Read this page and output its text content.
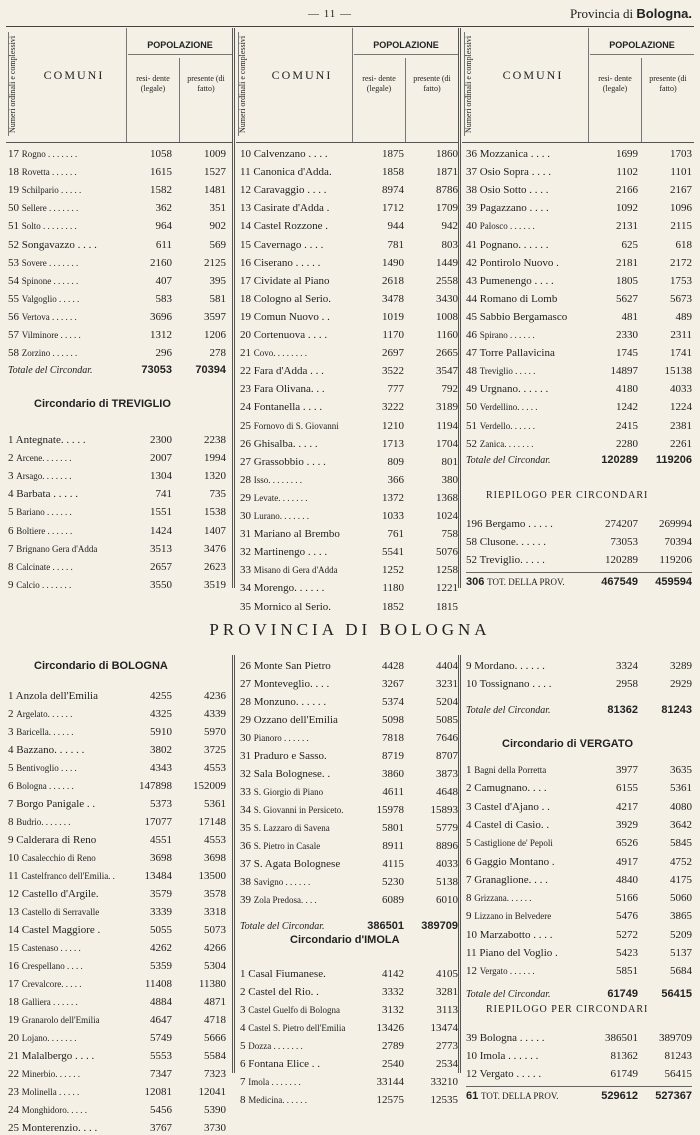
— 11 —	Provincia di Bologna.
Numeri ordinali e complessivi	COMUNI
POPOLAZIONE
resi- dente (legale)
presente (di fatto)	Numeri ordinali e complessivi	COMUNI
POPOLAZIONE
resi- dente (legale)
presente (di fatto)	Numeri ordinali e complessivi	COMUNI
POPOLAZIONE
resi- dente (legale)
presente (di fatto)
17 Rogno . . . . . . .	1058	1009
18 Rovetta . . . . . .	1615	1527
19 Schilpario . . . . .	1582	1481
50 Sellere . . . . . . .	362	351
51 Solto . . . . . . . .	964	902
52 Songavazzo . . . .	611	569
53 Sovere . . . . . . .	2160	2125
54 Spinone . . . . . .	407	395
55 Valgoglio . . . . .	583	581
56 Vertova . . . . . .	3696	3597
57 Vilminore . . . . .	1312	1206
58 Zorzino . . . . . .	296	278
Totale del Circondar.	73053 70394
Circondario di TREVIGLIO
1 Antegnate. . . . .	2300	2238
2 Arcene. . . . . . .	2007	1994
3 Arsago. . . . . . .	1304	1320
4 Barbata . . . . .	741	735
5 Bariano . . . . . .	1551	1538
6 Boltiere . . . . . .	1424	1407
7 Brignano Gera d'Adda	3513	3476
8 Calcinate . . . . .	2657	2623
9 Calcio . . . . . . .	3550	3519
10 Calvenzano . . . .	1875	1860
11 Canonica d'Adda.	1858	1871
12 Caravaggio . . . .	8974	8786
13 Casirate d'Adda .	1712	1709
14 Castel Rozzone .	944	942
15 Cavernago . . . .	781	803
16 Ciserano . . . . .	1490	1449
17 Cividate al Piano	2618	2558
18 Cologno al Serio.	3478	3430
19 Comun Nuovo . .	1019	1008
20 Cortenuova . . . .	1170	1160
21 Covo. . . . . . . .	2697	2665
22 Fara d'Adda . . .	3522	3547
23 Fara Olivana. . .	777	792
24 Fontanella . . . .	3222	3189
25 Fornovo di S. Giovanni	1210	1194
26 Ghisalba. . . . .	1713	1704
27 Grassobbio . . . .	809	801
28 Isso. . . . . . . .	366	380
29 Levate. . . . . . .	1372	1368
30 Lurano. . . . . . .	1033	1024
31 Mariano al Brembo	761	758
32 Martinengo . . . .	5541	5076
33 Misano di Gera d'Adda	1252	1258
34 Morengo. . . . . .	1180	1221
35 Mornico al Serio.	1852	1815
36 Mozzanica . . . .	1699	1703
37 Osio Sopra . . . .	1102	1101
38 Osio Sotto . . . .	2166	2167
39 Pagazzano . . . .	1092	1096
40 Palosco . . . . . .	2131	2115
41 Pognano. . . . . .	625	618
42 Pontirolo Nuovo .	2181	2172
43 Pumenengo . . . .	1805	1753
44 Romano di Lomb	5627	5673
45 Sabbio Bergamasco	481	489
46 Spirano . . . . . .	2330	2311
47 Torre Pallavicina	1745	1741
48 Treviglio . . . . .	14897	15138
49 Urgnano. . . . . .	4180	4033
50 Verdellino. . . . .	1242	1224
51 Verdello. . . . . .	2415	2381
52 Zanica. . . . . . .	2280	2261
Totale del Circondar.	120289 119206
RIEPILOGO PER CIRCONDARI
196 Bergamo . . . . .	274207	269994
58 Clusone. . . . . .	73053	70394
52 Treviglio. . . . .	120289	119206
306 TOT. DELLA PROV.	467549 459594
Circondario di BOLOGNA
1 Anzola dell'Emilia	4255	4236
2 Argelato. . . . . .	4325	4339
3 Baricella. . . . . .	5910	5970
4 Bazzano. . . . . .	3802	3725
5 Bentivoglio . . . .	4343	4553
6 Bologna . . . . . .	147898	152009
7 Borgo Panigale . .	5373	5361
8 Budrio. . . . . . .	17077	17148
9 Calderara di Reno	4551	4553
10 Casalecchio di Reno	3698	3698
11 Castelfranco dell'Emilia. .	13484	13500
12 Castello d'Argile.	3579	3578
13 Castello di Serravalle	3339	3318
14 Castel Maggiore .	5055	5073
15 Castenaso . . . . .	4262	4266
16 Crespellano . . . .	5359	5304
17 Crevalcore. . . . .	11408	11380
18 Galliera . . . . . .	4884	4871
19 Granarolo dell'Emilia	4647	4718
20 Lojano. . . . . . .	5749	5666
21 Malalbergo . . . .	5553	5584
22 Minerbio. . . . . .	7347	7323
23 Molinella . . . . .	12081	12041
24 Monghidoro. . . . .	5456	5390
25 Monterenzio. . . .	3767	3730
26 Monte San Pietro	4428	4404
27 Monteveglio. . . .	3267	3231
28 Monzuno. . . . . .	5374	5204
29 Ozzano dell'Emilia	5098	5085
30 Pianoro . . . . . .	7818	7646
31 Praduro e Sasso.	8719	8707
32 Sala Bolognese. .	3860	3873
33 S. Giorgio di Piano	4611	4648
34 S. Giovanni in Persiceto.	15978	15893
35 S. Lazzaro di Savena	5801	5779
36 S. Pietro in Casale	8911	8896
37 S. Agata Bolognese	4115	4033
38 Savigno . . . . . .	5230	5138
39 Zola Predosa. . . .	6089	6010
Totale del Circondar.	386501 389709
Circondario d'IMOLA
1 Casal Fiumanese.	4142	4105
2 Castel del Rio. .	3332	3281
3 Castel Guelfo di Bologna	3132	3113
4 Castel S. Pietro dell'Emilia	13426	13474
5 Dozza . . . . . . .	2789	2773
6 Fontana Elice . .	2540	2534
7 Imola . . . . . . .	33144	33210
8 Medicina. . . . . .	12575	12535
9 Mordano. . . . . .	3324	3289
10 Tossignano . . . .	2958	2929
Totale del Circondar.	81362 81243
Circondario di VERGATO
1 Bagni della Porretta	3977	3635
2 Camugnano. . . .	6155	5361
3 Castel d'Ajano . .	4217	4080
4 Castel di Casio. .	3929	3642
5 Castiglione de' Pepoli	6526	5845
6 Gaggio Montano .	4917	4752
7 Granaglione. . . .	4840	4175
8 Grizzana. . . . . .	5166	5060
9 Lizzano in Belvedere	5476	3865
10 Marzabotto . . . .	5272	5209
11 Piano del Voglio .	5423	5137
12 Vergato . . . . . .	5851	5684
Totale del Circondar.	61749 56415
RIEPILOGO PER CIRCONDARI
39 Bologna . . . . .	386501	389709
10 Imola . . . . . .	81362	81243
12 Vergato . . . . .	61749	56415
61 TOT. DELLA PROV.	529612 527367
PROVINCIA DI BOLOGNA
